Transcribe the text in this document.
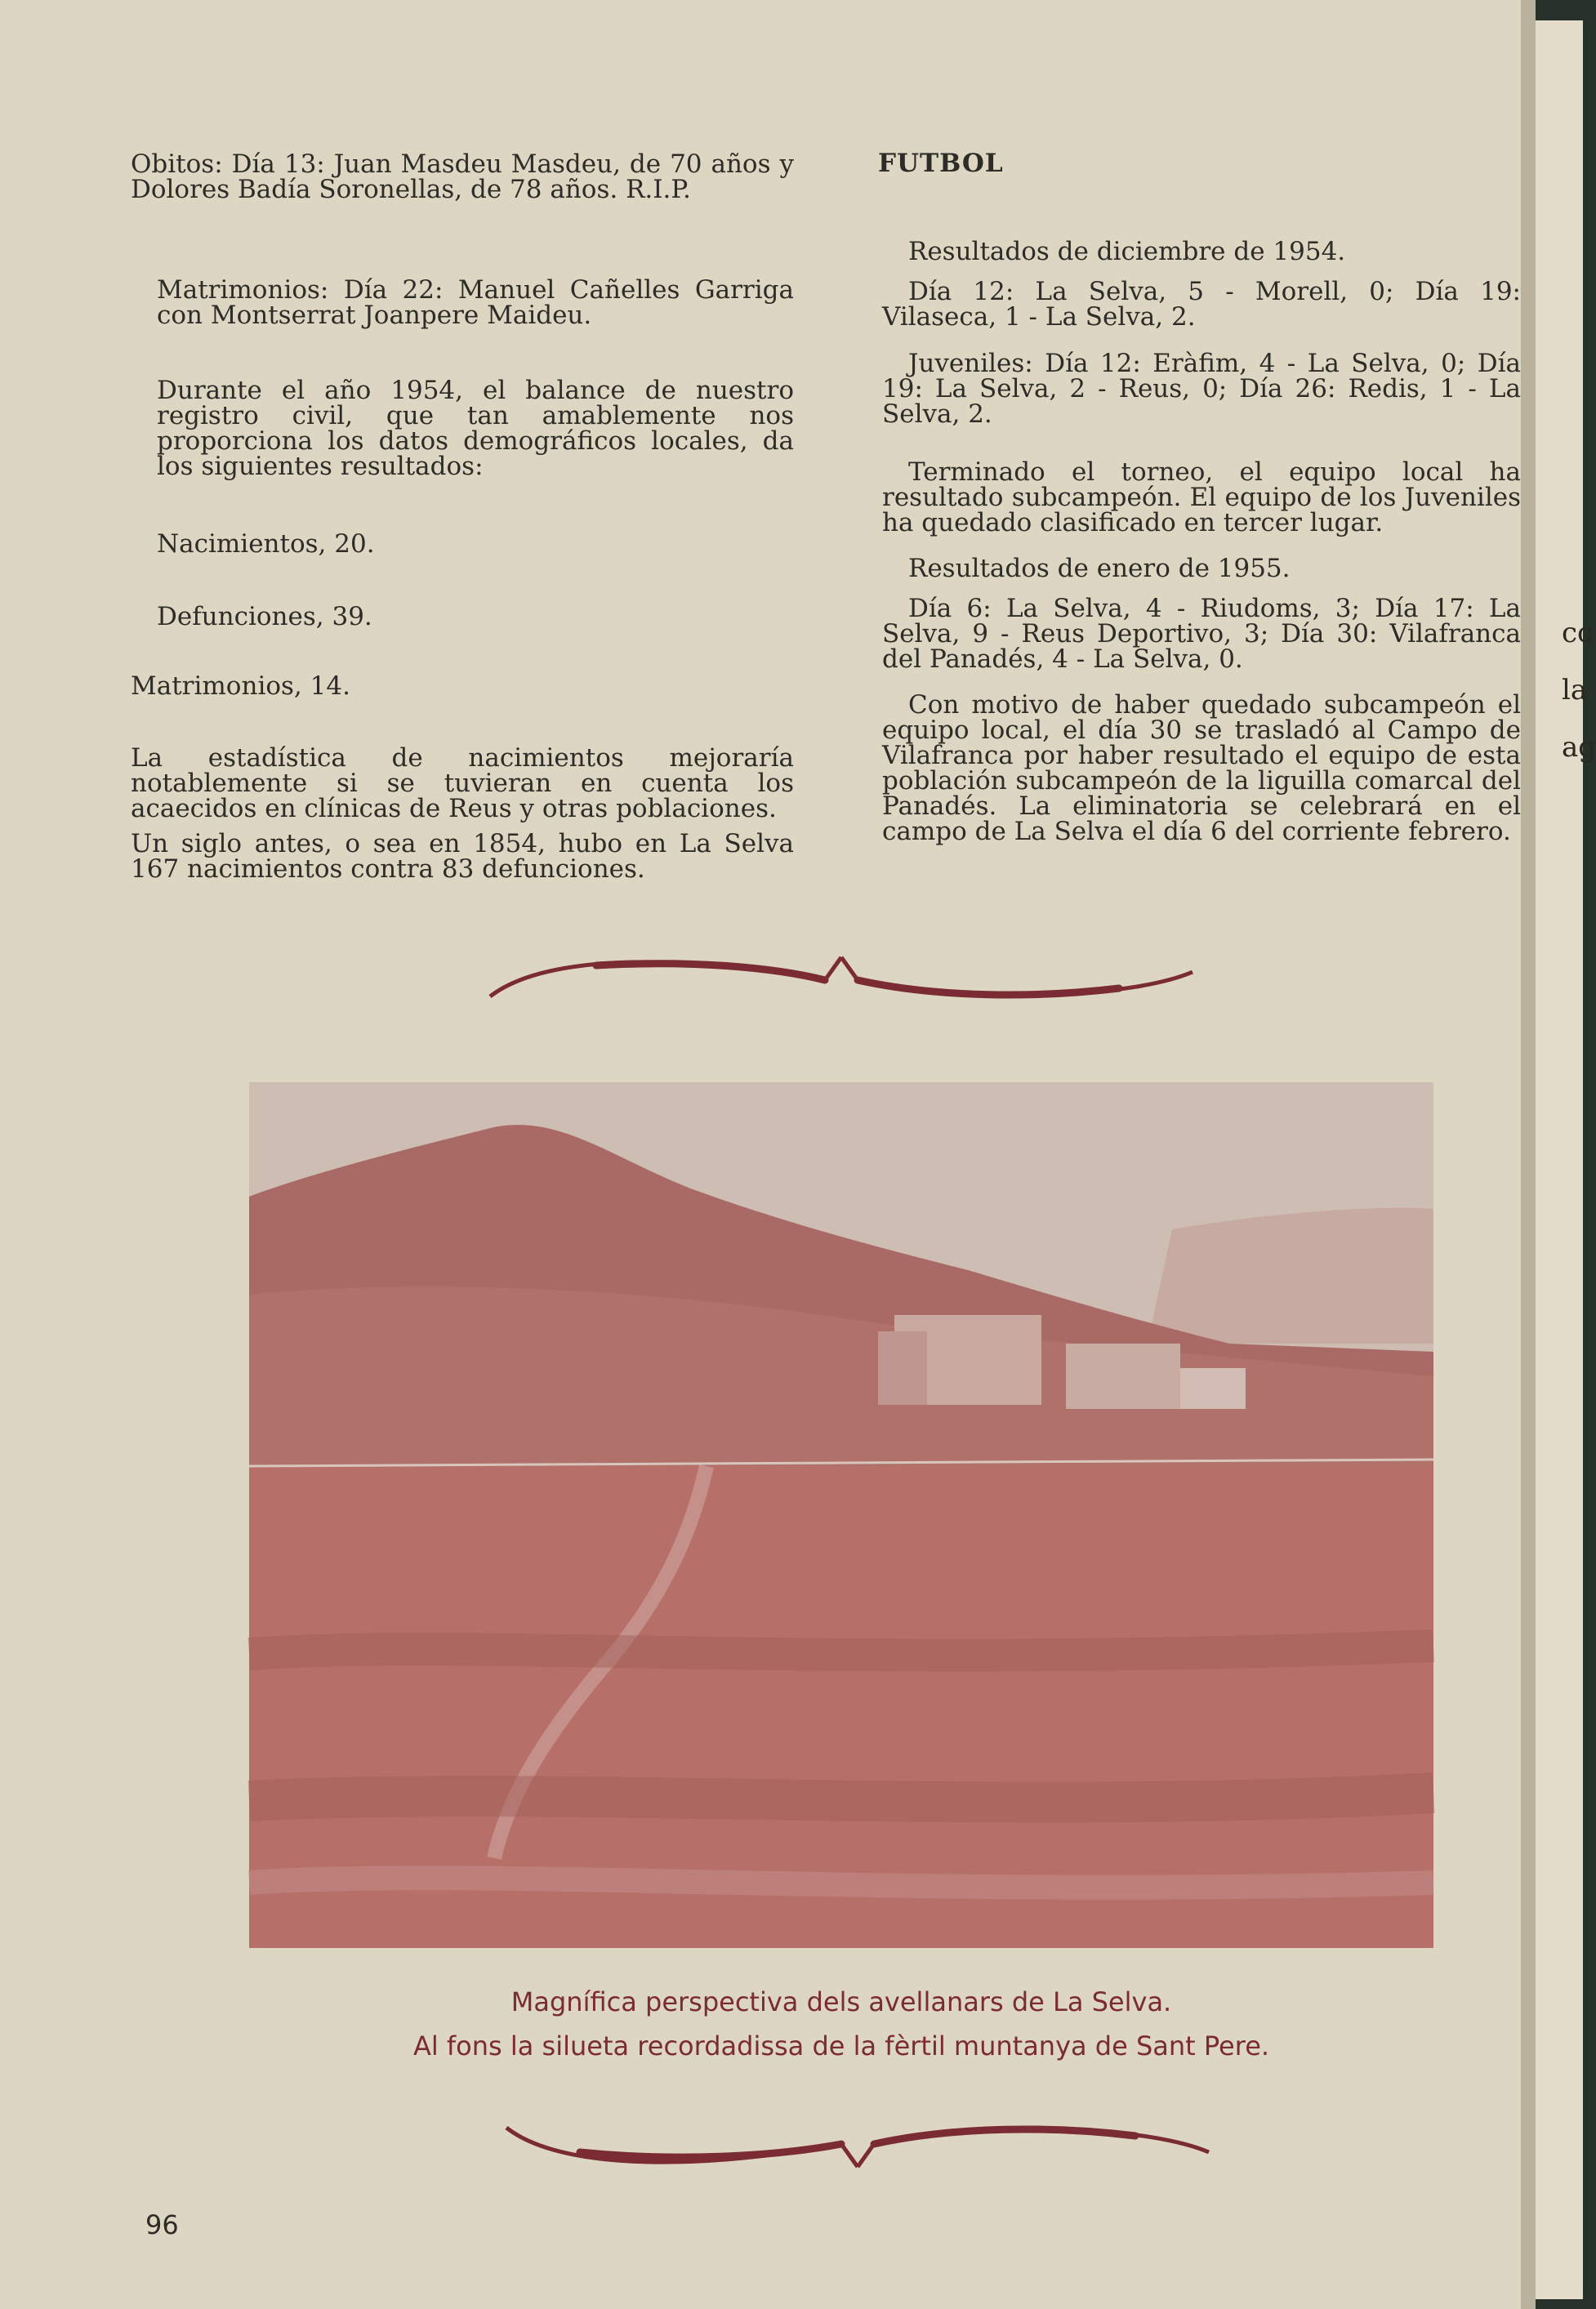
Obitos: Día 13: Juan Masdeu Masdeu, de 70 años y Dolores Badía Soronellas, de 78 años. R.I.P.
Matrimonios: Día 22: Manuel Cañelles Garriga con Montserrat Joanpere Maideu.
Durante el año 1954, el balance de nuestro registro civil, que tan amablemente nos proporciona los datos demográficos locales, da los siguientes resultados:
Nacimientos, 20.
Defunciones, 39.
Matrimonios, 14.
La estadística de nacimientos mejoraría notablemente si se tuvieran en cuenta los acaecidos en clínicas de Reus y otras poblaciones.
Un siglo antes, o sea en 1854, hubo en La Selva 167 nacimientos contra 83 defunciones.
FUTBOL
Resultados de diciembre de 1954.
Día 12: La Selva, 5 - Morell, 0; Día 19: Vilaseca, 1 - La Selva, 2.
Juveniles: Día 12: Eràfim, 4 - La Selva, 0; Día 19: La Selva, 2 - Reus, 0; Día 26: Redis, 1 - La Selva, 2.
Terminado el torneo, el equipo local ha resultado subcampeón. El equipo de los Juveniles ha quedado clasificado en tercer lugar.
Resultados de enero de 1955.
Día 6: La Selva, 4 - Riudoms, 3; Día 17: La Selva, 9 - Reus Deportivo, 3; Día 30: Vilafranca del Panadés, 4 - La Selva, 0.
Con motivo de haber quedado subcampeón el equipo local, el día 30 se trasladó al Campo de Vilafranca por haber resultado el equipo de esta población subcampeón de la liguilla comarcal del Panadés. La eliminatoria se celebrará en el campo de La Selva el día 6 del corriente febrero.
Magnífica perspectiva dels avellanars de La Selva.
Al fons la silueta recordadissa de la fèrtil muntanya de Sant Pere.
96
cc
la
ag
